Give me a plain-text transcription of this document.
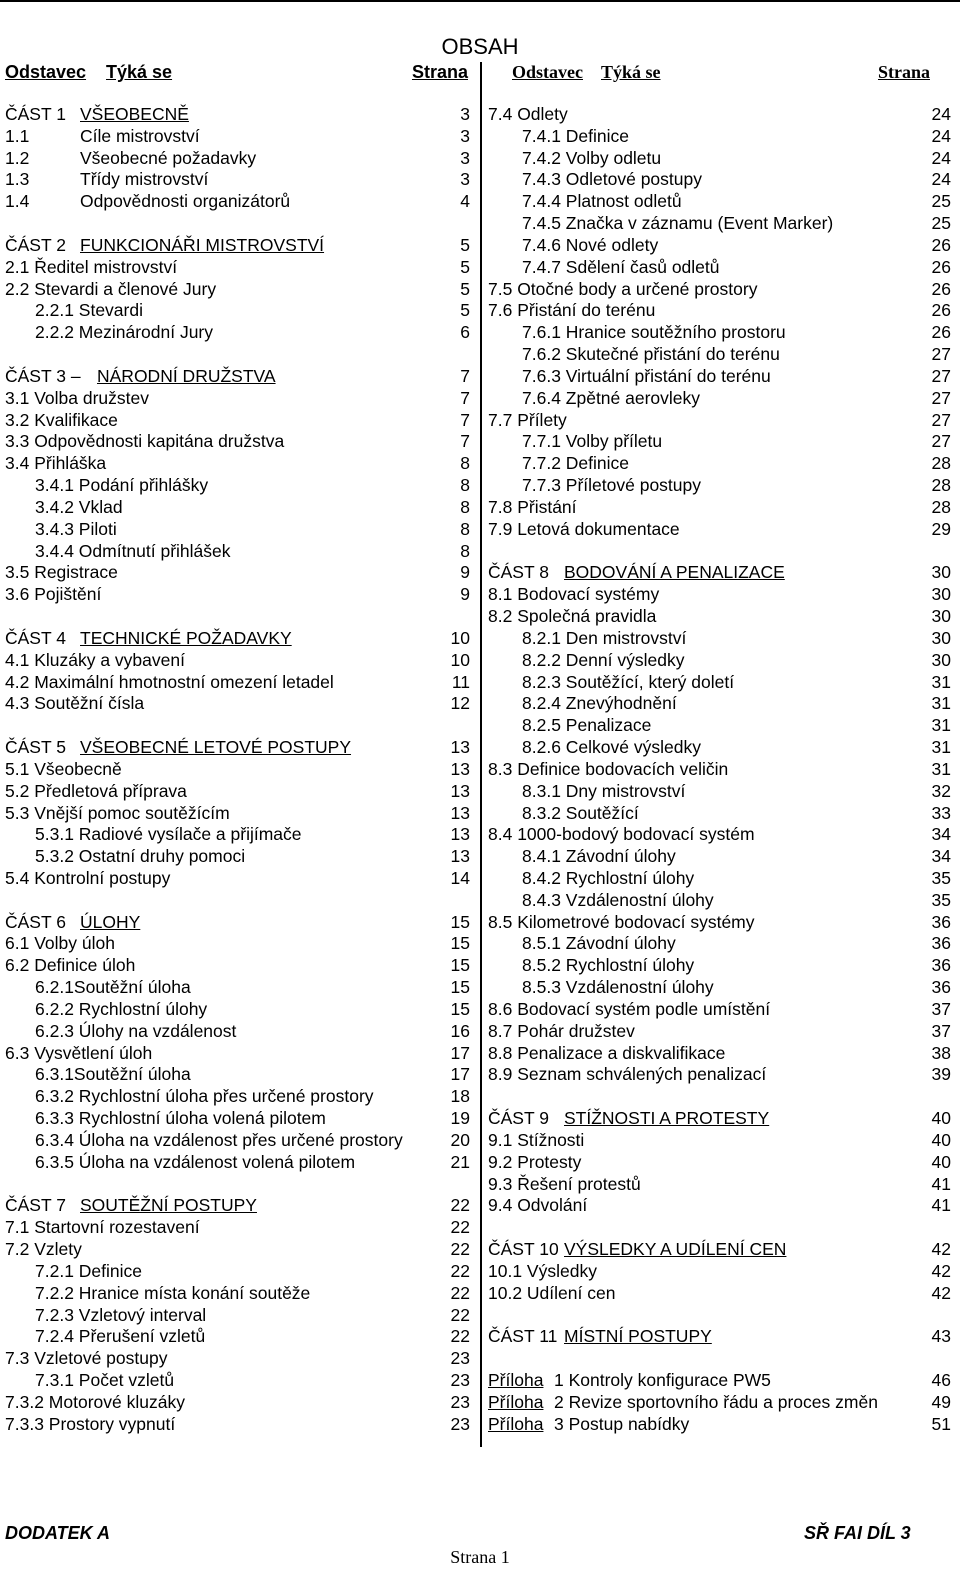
OBSAH
Odstavec Týká se	Strana Odstavec Týká se	Strana
ČÁST 1 VŠEOBECNĚ	3
1.1	Cíle mistrovství	3
1.2	Všeobecné požadavky	3
1.3	Třídy mistrovství	3
1.4	Odpovědnosti organizátorů	4
ČÁST 2 FUNKCIONÁŘI MISTROVSTVÍ	5
2.1 Ředitel mistrovství	5
2.2 Stevardi a členové Jury	5
2.2.1 Stevardi	5
2.2.2 Mezinárodní Jury	6
ČÁST 3 – NÁRODNÍ DRUŽSTVA	7
3.1 Volba družstev	7
3.2 Kvalifikace	7
3.3 Odpovědnosti kapitána družstva	7
3.4 Přihláška	8
3.4.1 Podání přihlášky	8
3.4.2 Vklad	8
3.4.3 Piloti	8
3.4.4 Odmítnutí přihlášek	8
3.5 Registrace	9
3.6 Pojištění	9
ČÁST 4 TECHNICKÉ POŽADAVKY	10
4.1 Kluzáky a vybavení	10
4.2 Maximální hmotnostní omezení letadel	11
4.3 Soutěžní čísla	12
ČÁST 5 VŠEOBECNÉ LETOVÉ POSTUPY	13
5.1 Všeobecně	13
5.2 Předletová příprava	13
5.3 Vnější pomoc soutěžícím	13
5.3.1 Radiové vysílače a přijímače	13
5.3.2 Ostatní druhy pomoci	13
5.4 Kontrolní postupy	14
ČÁST 6 ÚLOHY	15
6.1 Volby úloh	15
6.2 Definice úloh	15
6.2.1Soutěžní úloha	15
6.2.2 Rychlostní úlohy	15
6.2.3 Úlohy na vzdálenost	16
6.3 Vysvětlení úloh	17
6.3.1Soutěžní úloha	17
6.3.2 Rychlostní úloha přes určené prostory	18
6.3.3 Rychlostní úloha volená pilotem	19
6.3.4 Úloha na vzdálenost přes určené prostory	20
6.3.5 Úloha na vzdálenost volená pilotem	21
ČÁST 7 SOUTĚŽNÍ POSTUPY	22
7.1 Startovní rozestavení	22
7.2 Vzlety	22
7.2.1 Definice	22
7.2.2 Hranice místa konání soutěže	22
7.2.3 Vzletový interval	22
7.2.4 Přerušení vzletů	22
7.3 Vzletové postupy	23
7.3.1 Počet vzletů	23
7.3.2 Motorové kluzáky	23
7.3.3 Prostory vypnutí	23
7.4 Odlety	24
7.4.1 Definice	24
7.4.2 Volby odletu	24
7.4.3 Odletové postupy	24
7.4.4 Platnost odletů	25
7.4.5 Značka v záznamu (Event Marker)	25
7.4.6 Nové odlety	26
7.4.7 Sdělení časů odletů	26
7.5 Otočné body a určené prostory	26
7.6 Přistání do terénu	26
7.6.1 Hranice soutěžního prostoru	26
7.6.2 Skutečné přistání do terénu	27
7.6.3 Virtuální přistání do terénu	27
7.6.4 Zpětné aerovleky	27
7.7 Přílety	27
7.7.1 Volby příletu	27
7.7.2 Definice	28
7.7.3 Příletové postupy	28
7.8 Přistání	28
7.9 Letová dokumentace	29
ČÁST 8 BODOVÁNÍ A PENALIZACE	30
8.1 Bodovací systémy	30
8.2 Společná pravidla	30
8.2.1 Den mistrovství	30
8.2.2 Denní výsledky	30
8.2.3 Soutěžící, který doletí	31
8.2.4 Znevýhodnění	31
8.2.5 Penalizace	31
8.2.6 Celkové výsledky	31
8.3 Definice bodovacích veličin	31
8.3.1 Dny mistrovství	32
8.3.2 Soutěžící	33
8.4 1000-bodový bodovací systém	34
8.4.1 Závodní úlohy	34
8.4.2 Rychlostní úlohy	35
8.4.3 Vzdálenostní úlohy	35
8.5 Kilometrové bodovací systémy	36
8.5.1 Závodní úlohy	36
8.5.2 Rychlostní úlohy	36
8.5.3 Vzdálenostní úlohy	36
8.6 Bodovací systém podle umístění	37
8.7 Pohár družstev	37
8.8 Penalizace a diskvalifikace	38
8.9 Seznam schválených penalizací	39
ČÁST 9 STÍŽNOSTI A PROTESTY	40
9.1 Stížnosti	40
9.2 Protesty	40
9.3 Řešení protestů	41
9.4 Odvolání	41
ČÁST 10 VÝSLEDKY A UDÍLENÍ CEN	42
10.1 Výsledky	42
10.2 Udílení cen	42
ČÁST 11 MÍSTNÍ POSTUPY	43
Příloha 1 Kontroly konfigurace PW5	46
Příloha 2 Revize sportovního řádu a proces změn	49
Příloha 3 Postup nabídky	51
DODATEK A	SŘ FAI DÍL 3
Strana 1
